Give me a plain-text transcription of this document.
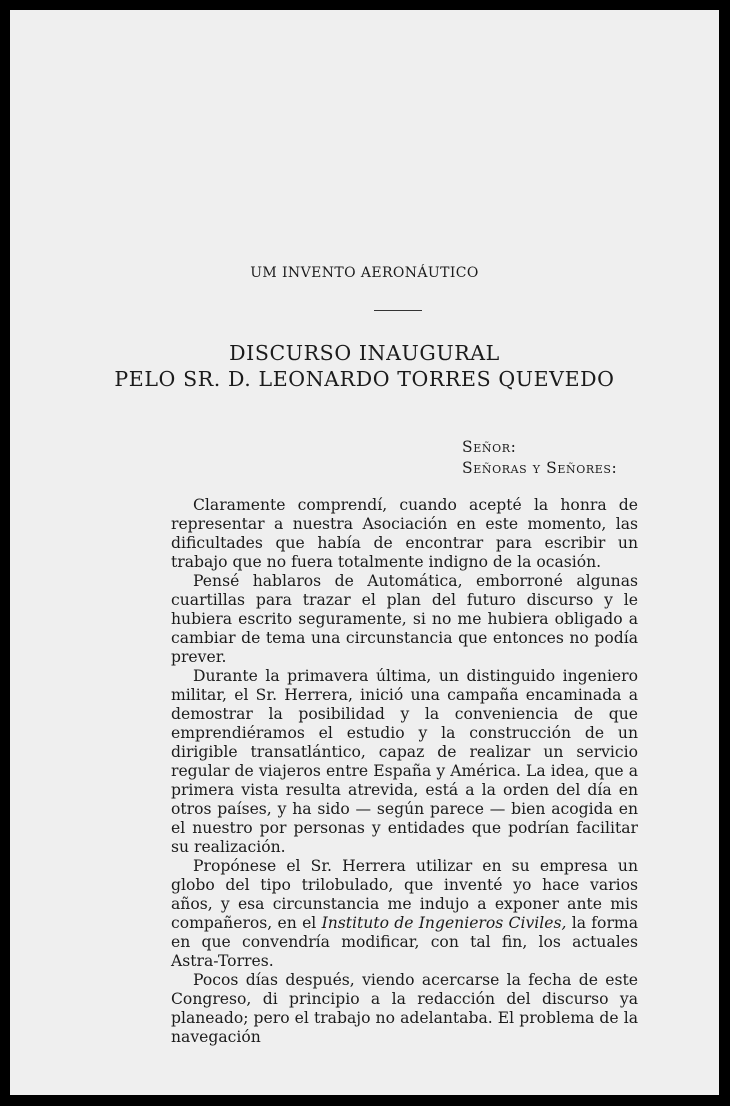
UM INVENTO AERONÁUTICO
DISCURSO INAUGURAL
PELO SR. D. LEONARDO TORRES QUEVEDO
Señor:
Señoras y Señores:

Claramente comprendí, cuando acepté la honra de representar a nuestra Asociación en este momento, las dificultades que había de encontrar para escribir un trabajo que no fuera totalmente indigno de la ocasión.

Pensé hablaros de Automática, emborroné algunas cuartillas para trazar el plan del futuro discurso y le hubiera escrito seguramente, si no me hubiera obligado a cambiar de tema una circunstancia que entonces no podía prever.

Durante la primavera última, un distinguido ingeniero militar, el Sr. Herrera, inició una campaña encaminada a demostrar la posibilidad y la conveniencia de que emprendiéramos el estudio y la construcción de un dirigible transatlántico, capaz de realizar un servicio regular de viajeros entre España y América. La idea, que a primera vista resulta atrevida, está a la orden del día en otros países, y ha sido — según parece — bien acogida en el nuestro por personas y entidades que podrían facilitar su realización.

Propónese el Sr. Herrera utilizar en su empresa un globo del tipo trilobulado, que inventé yo hace varios años, y esa circunstancia me indujo a exponer ante mis compañeros, en el Instituto de Ingenieros Civiles, la forma en que convendría modificar, con tal fin, los actuales Astra-Torres.

Pocos días después, viendo acercarse la fecha de este Congreso, di principio a la redacción del discurso ya planeado; pero el trabajo no adelantaba. El problema de la navegación
